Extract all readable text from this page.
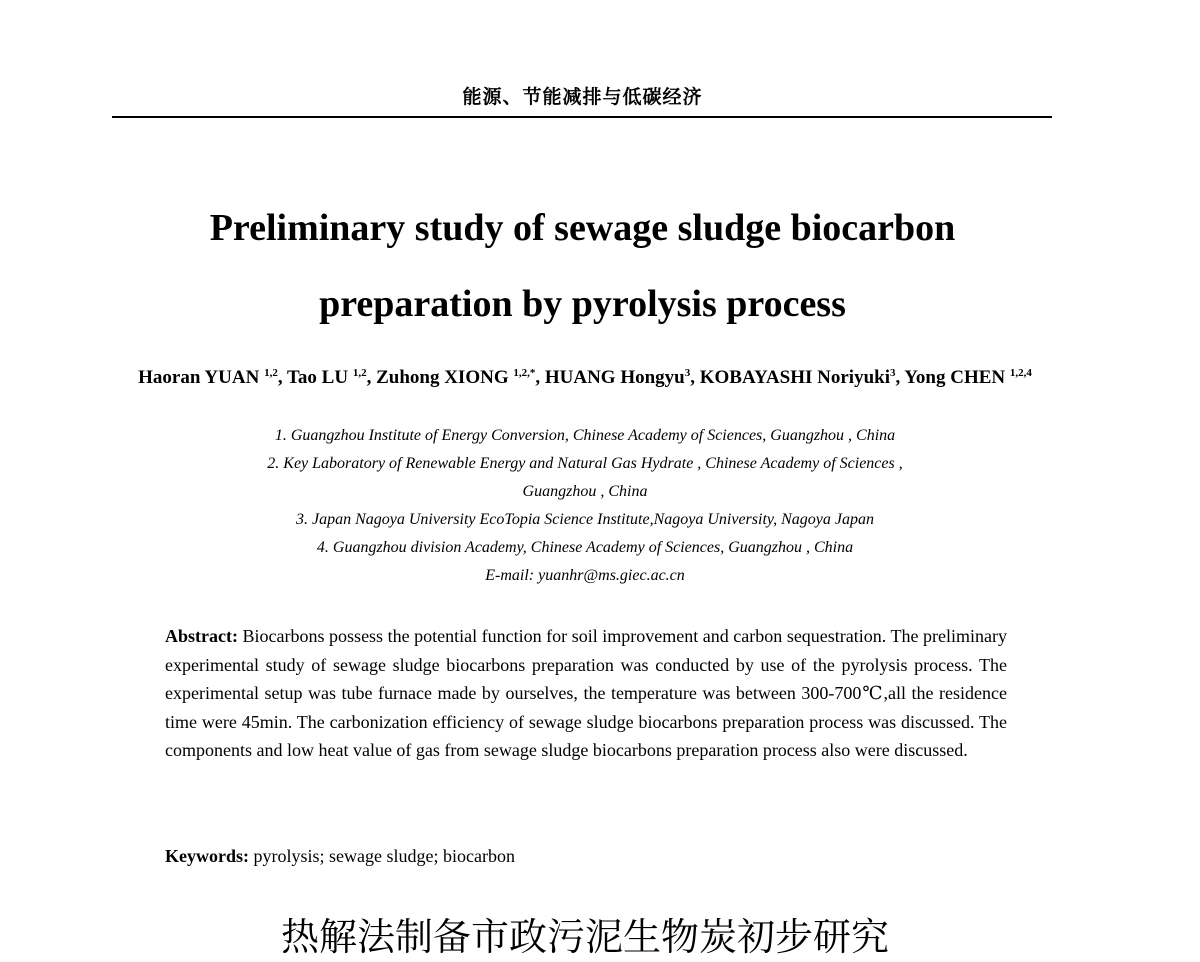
能源、节能减排与低碳经济
Preliminary study of sewage sludge biocarbon
preparation by pyrolysis process
Haoran YUAN $^{1,2}$, Tao LU $^{1,2}$, Zuhong XIONG $^{1,2,*}$, HUANG Hongyu$^3$, KOBAYASHI Noriyuki$^3$, Yong CHEN $^{1,2,4}$
1. Guangzhou Institute of Energy Conversion, Chinese Academy of Sciences, Guangzhou , China
2. Key Laboratory of Renewable Energy and Natural Gas Hydrate , Chinese Academy of Sciences , Guangzhou , China
3. Japan Nagoya University EcoTopia Science Institute,Nagoya University, Nagoya Japan
4. Guangzhou division Academy, Chinese Academy of Sciences, Guangzhou , China
E-mail: yuanhr@ms.giec.ac.cn
Abstract: Biocarbons possess the potential function for soil improvement and carbon sequestration. The preliminary experimental study of sewage sludge biocarbons preparation was conducted by use of the pyrolysis process. The experimental setup was tube furnace made by ourselves, the temperature was between 300-700℃,all the residence time were 45min. The carbonization efficiency of sewage sludge biocarbons preparation process was discussed. The components and low heat value of gas from sewage sludge biocarbons preparation process also were discussed.
Keywords: pyrolysis; sewage sludge; biocarbon
热解法制备市政污泥生物炭初步研究
